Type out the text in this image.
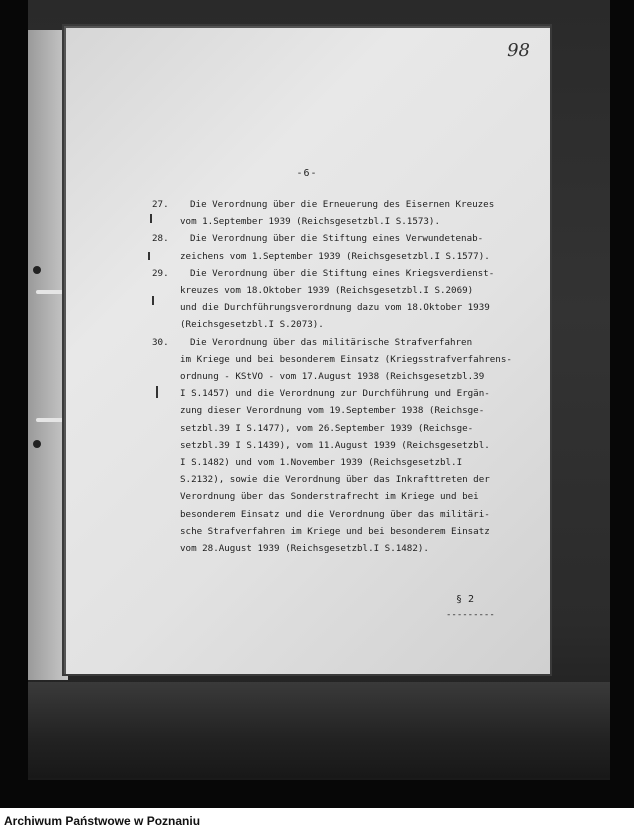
98
-6-
27. Die Verordnung über die Erneuerung des Eisernen Kreuzes
vom 1.September 1939 (Reichsgesetzbl.I S.1573).
28. Die Verordnung über die Stiftung eines Verwundetenab-
zeichens vom 1.September 1939 (Reichsgesetzbl.I S.1577).
29. Die Verordnung über die Stiftung eines Kriegsverdienst-
kreuzes vom 18.Oktober 1939 (Reichsgesetzbl.I S.2069)
und die Durchführungsverordnung dazu vom 18.Oktober 1939
(Reichsgesetzbl.I S.2073).
30. Die Verordnung über das militärische Strafverfahren
im Kriege und bei besonderem Einsatz (Kriegsstrafverfahrens-
ordnung - KStVO - vom 17.August 1938 (Reichsgesetzbl.39
I S.1457) und die Verordnung zur Durchführung und Ergän-
zung dieser Verordnung vom 19.September 1938 (Reichsge-
setzbl.39 I S.1477), vom 26.September 1939 (Reichsge-
setzbl.39 I S.1439), vom 11.August 1939 (Reichsgesetzbl.
I S.1482) und vom 1.November 1939 (Reichsgesetzbl.I
S.2132), sowie die Verordnung über das Inkrafttreten der
Verordnung über das Sonderstrafrecht im Kriege und bei
besonderem Einsatz und die Verordnung über das militäri-
sche Strafverfahren im Kriege und bei besonderem Einsatz
vom 28.August 1939 (Reichsgesetzbl.I S.1482).
§ 2
---------
Archiwum Państwowe w Poznaniu
